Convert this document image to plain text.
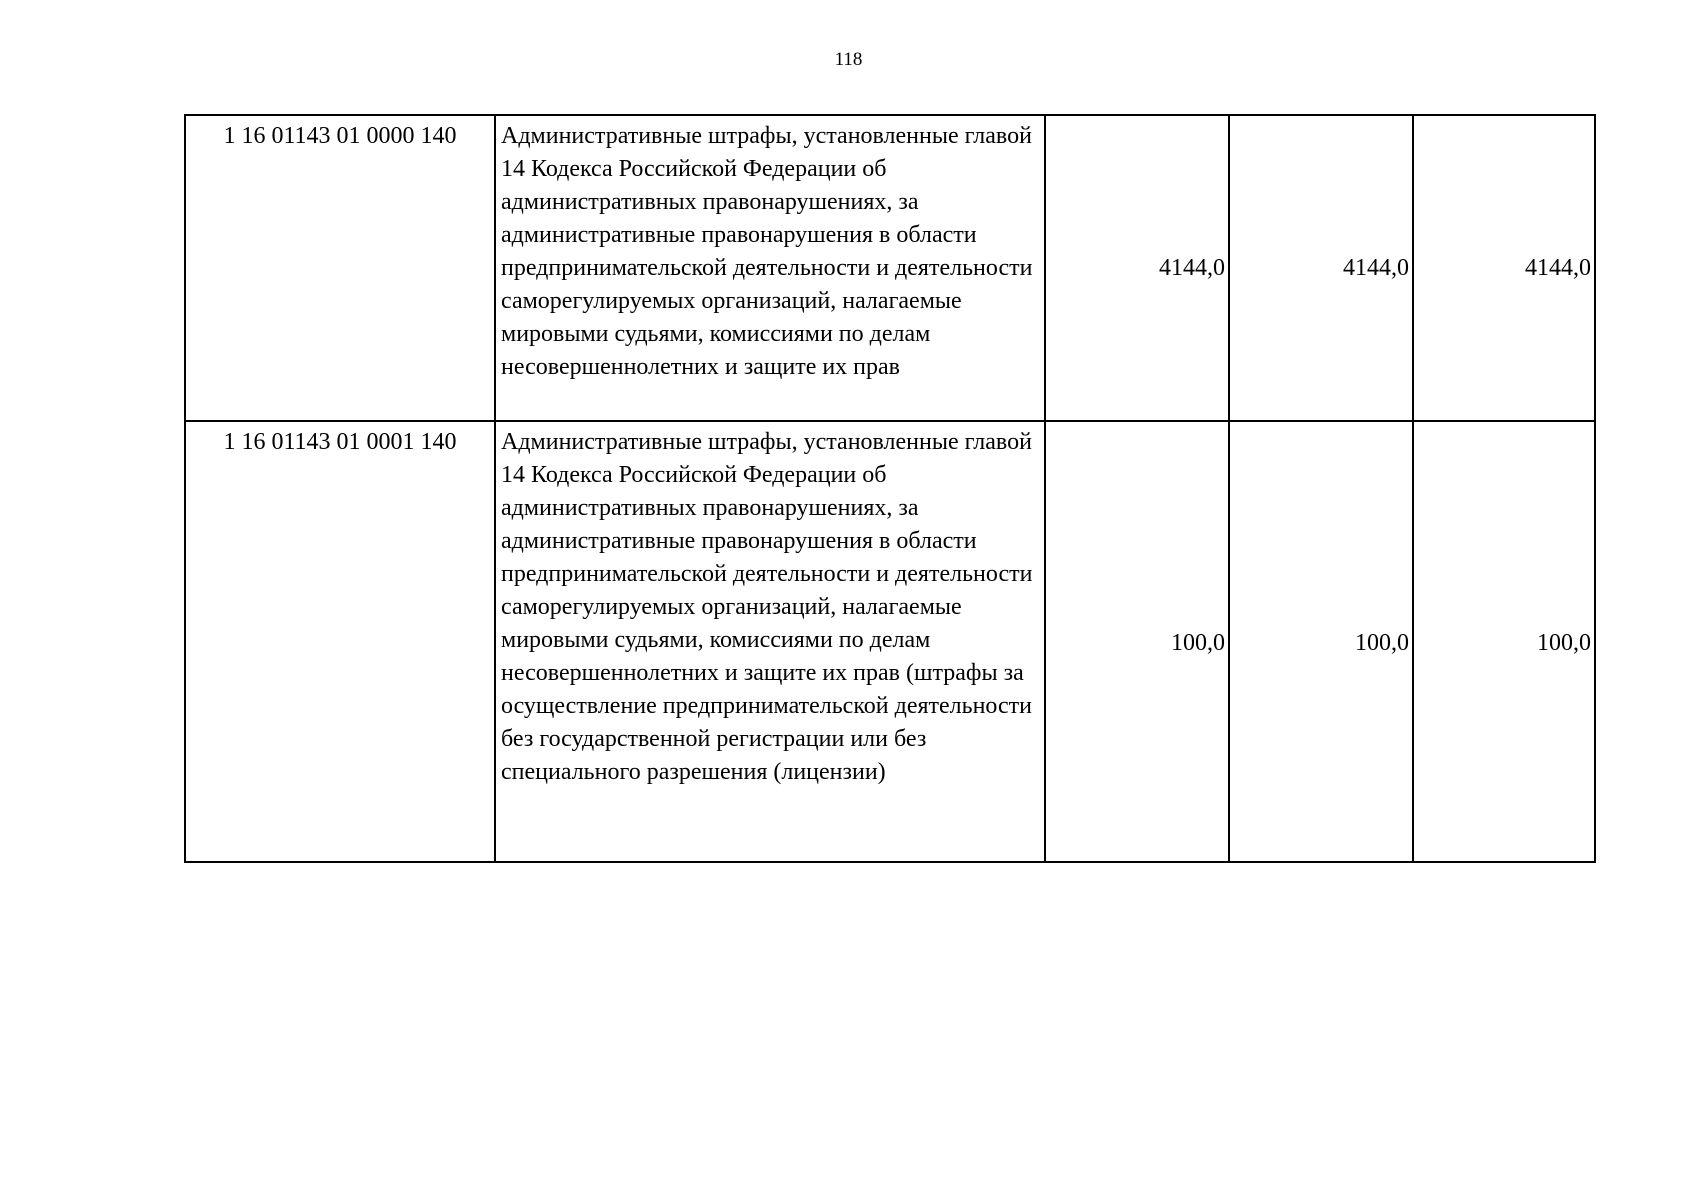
118
1 16 01143 01 0000 140	Административные штрафы, установленные главой 14 Кодекса Российской Федерации об административных правонарушениях, за административные правонарушения в области предпринимательской деятельности и деятельности саморегулируемых организаций, налагаемые мировыми судьями, комиссиями по делам несовершеннолетних и защите их прав	4144,0	4144,0	4144,0
1 16 01143 01 0001 140	Административные штрафы, установленные главой 14 Кодекса Российской Федерации об административных правонарушениях, за административные правонарушения в области предпринимательской деятельности и деятельности саморегулируемых организаций, налагаемые мировыми судьями, комиссиями по делам несовершеннолетних и защите их прав (штрафы за осуществление предпринимательской деятельности без государственной регистрации или без специального разрешения (лицензии)	100,0	100,0	100,0
